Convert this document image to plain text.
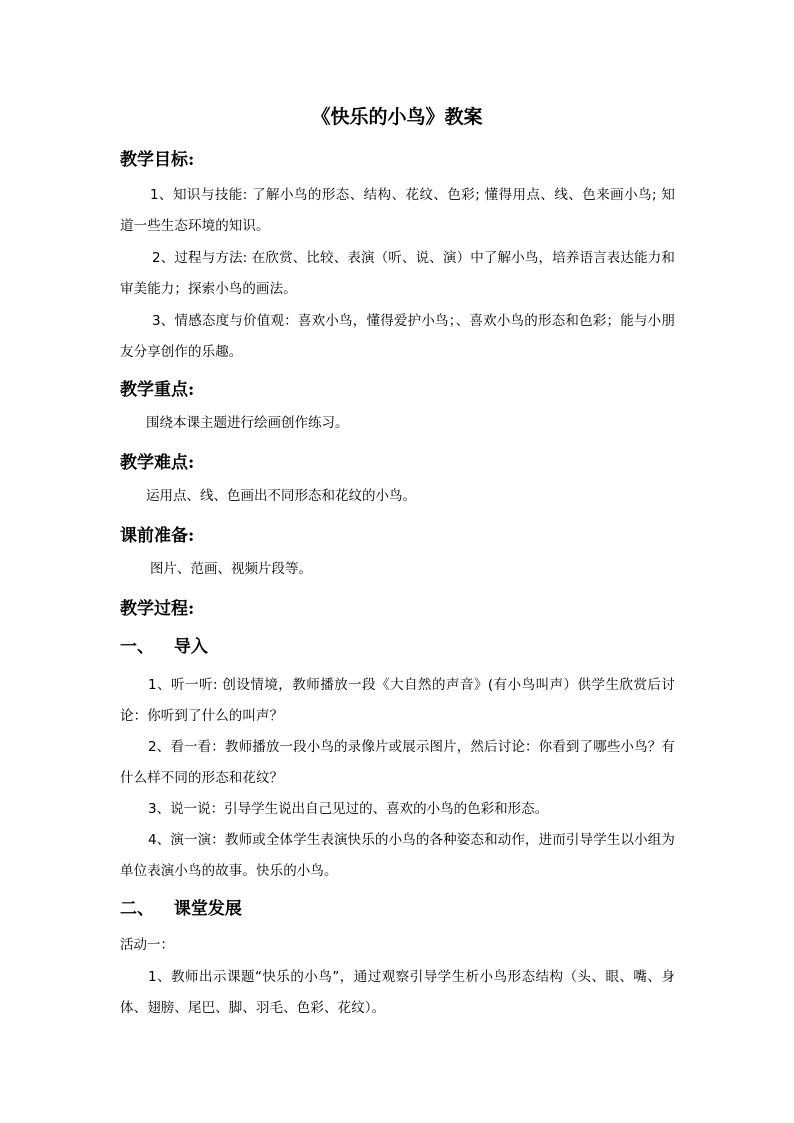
《快乐的小鸟》教案
教学目标:
1、知识与技能: 了解小鸟的形态、结构、花纹、色彩; 懂得用点、线、色来画小鸟; 知道一些生态环境的知识。
2、过程与方法: 在欣赏、比较、表演（听、说、演）中了解小鸟，培养语言表达能力和审美能力；探索小鸟的画法。
3、情感态度与价值观：喜欢小鸟，懂得爱护小鸟；、喜欢小鸟的形态和色彩；能与小朋友分享创作的乐趣。
教学重点:
围绕本课主题进行绘画创作练习。
教学难点:
运用点、线、色画出不同形态和花纹的小鸟。
课前准备:
图片、范画、视频片段等。
教学过程:
一、 导入
1、听一听: 创设情境，教师播放一段《大自然的声音》(有小鸟叫声）供学生欣赏后讨论：你听到了什么的叫声？
2、看一看：教师播放一段小鸟的录像片或展示图片，然后讨论：你看到了哪些小鸟？有什么样不同的形态和花纹？
3、说一说：引导学生说出自己见过的、喜欢的小鸟的色彩和形态。
4、演一演：教师或全体学生表演快乐的小鸟的各种姿态和动作，进而引导学生以小组为单位表演小鸟的故事。快乐的小鸟。
二、 课堂发展
活动一：
1、教师出示课题“快乐的小鸟”，通过观察引导学生析小鸟形态结构（头、眼、嘴、身体、翅膀、尾巴、脚、羽毛、色彩、花纹）。
